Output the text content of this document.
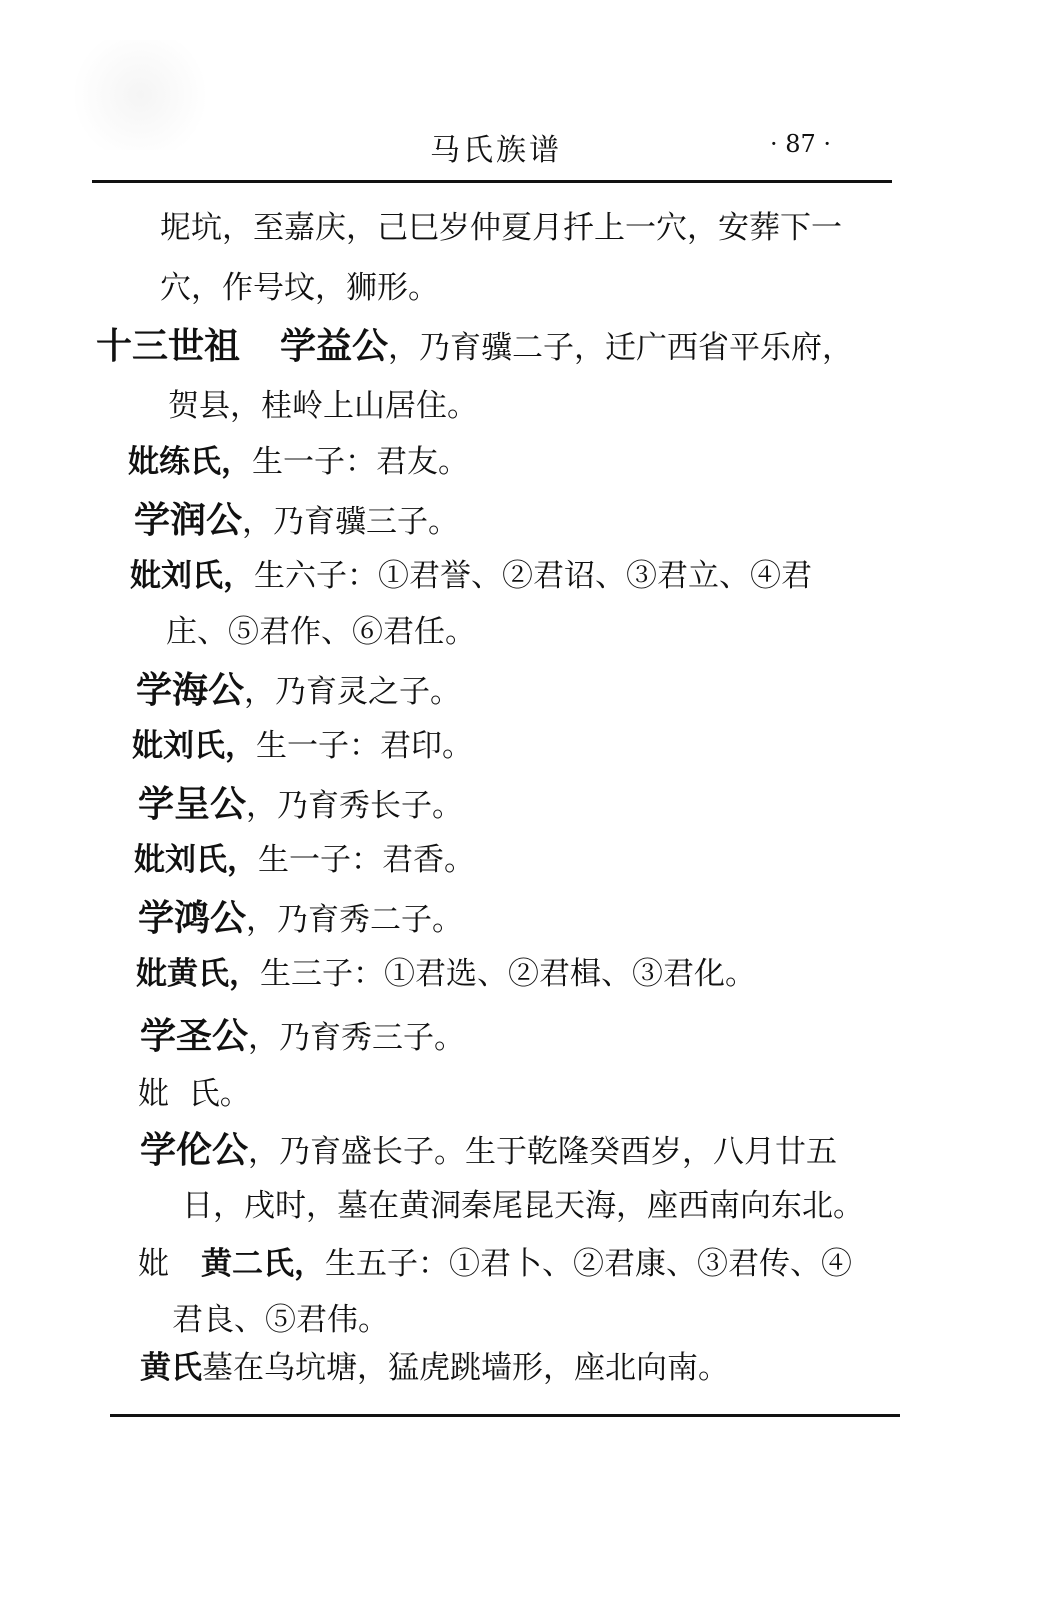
马氏族谱	· 87 ·
坭坑，至嘉庆，己巳岁仲夏月扦上一穴，安葬下一
穴，作号坟，狮形。
十三世祖 学益公，乃育骥二子，迁广西省平乐府，
贺县，桂岭上山居住。
妣练氏，生一子：君友。
学润公，乃育骥三子。
妣刘氏，生六子：①君誉、②君诏、③君立、④君
庄、⑤君作、⑥君任。
学海公，乃育灵之子。
妣刘氏，生一子：君印。
学呈公，乃育秀长子。
妣刘氏，生一子：君香。
学鸿公，乃育秀二子。
妣黄氏，生三子：①君选、②君楫、③君化。
学圣公，乃育秀三子。
妣  氏。
学伦公，乃育盛长子。生于乾隆癸酉岁，八月廿五
日，戌时，墓在黄洞秦尾昆天海，座西南向东北。
妣 黄二氏，生五子：①君卜、②君康、③君传、④
君良、⑤君伟。
黄氏墓在乌坑塘，猛虎跳墙形，座北向南。
